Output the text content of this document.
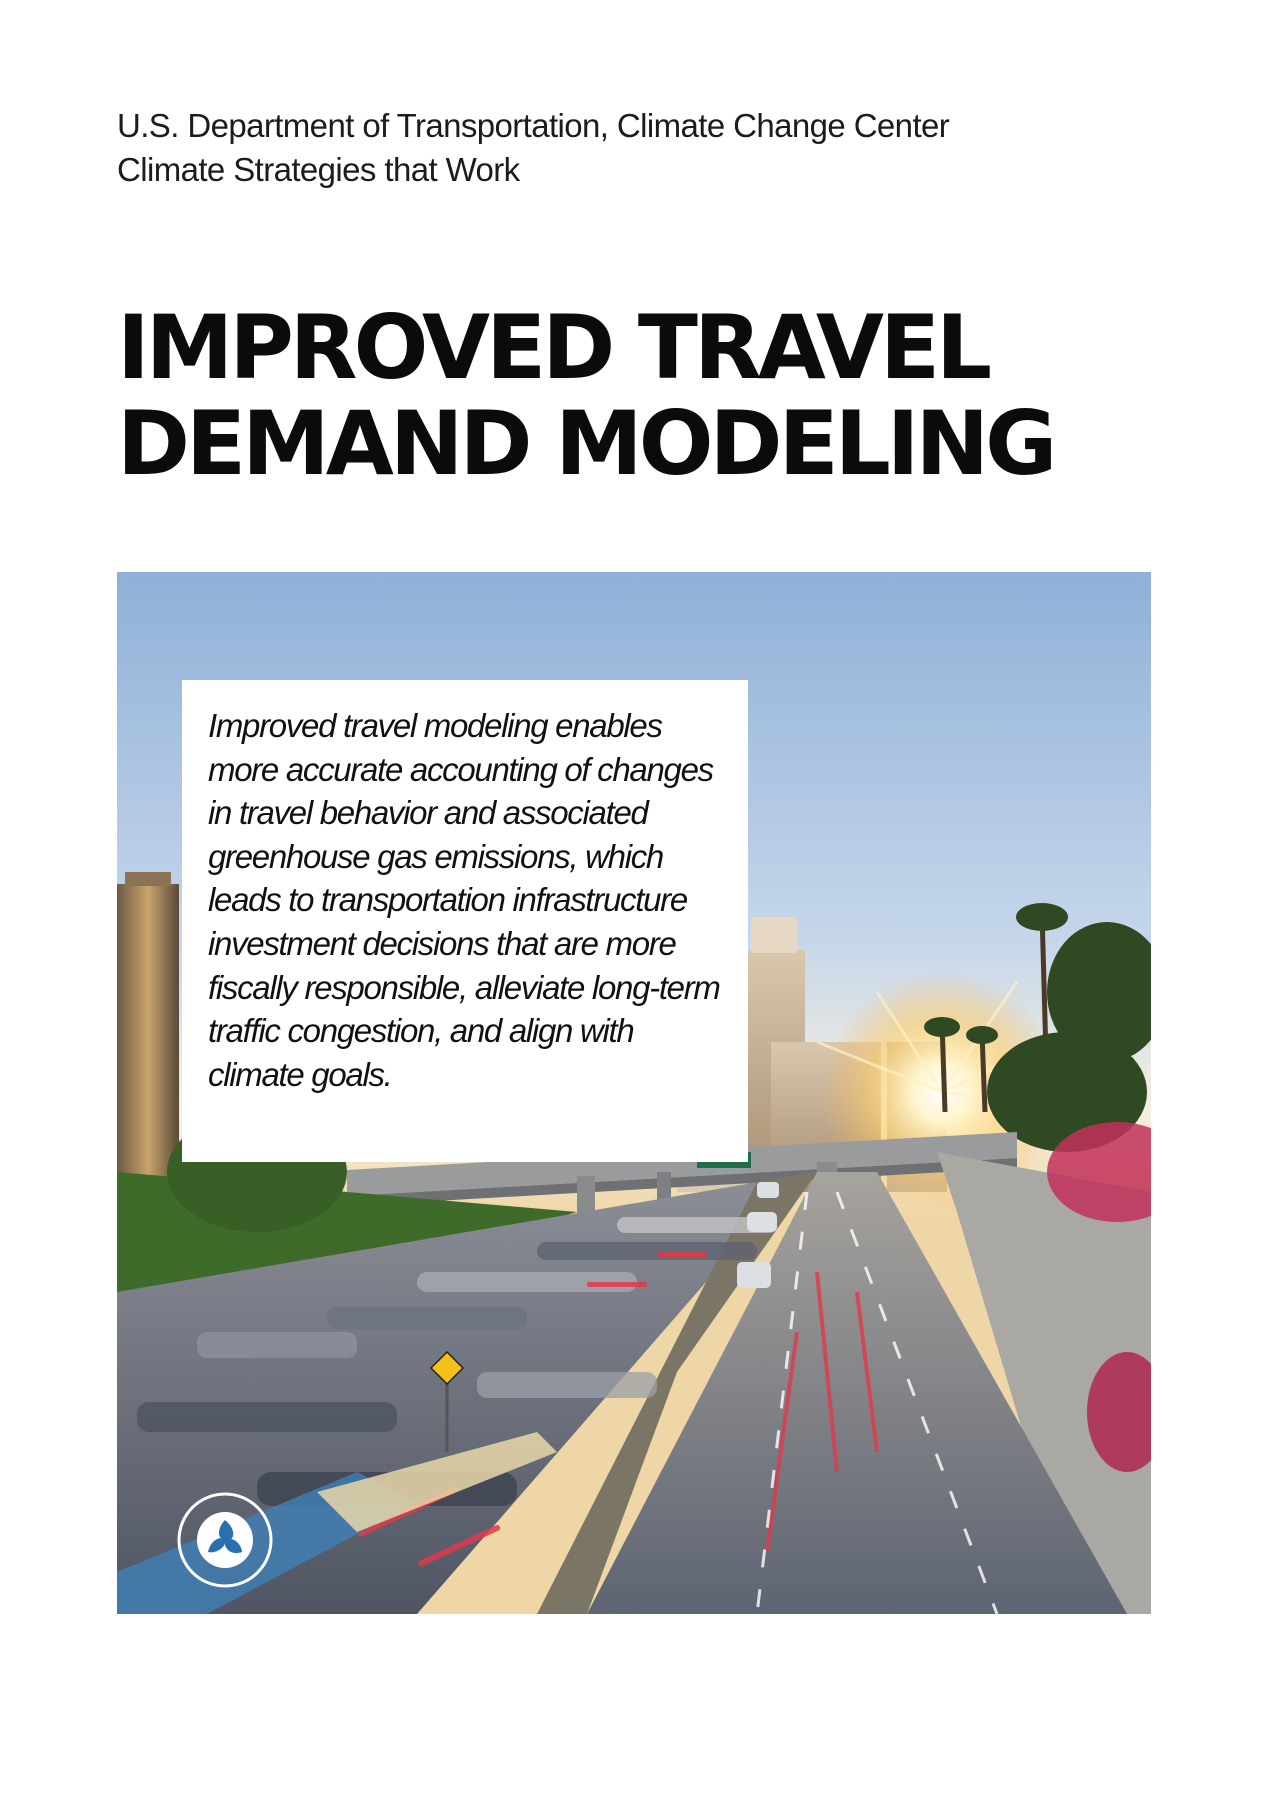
U.S. Department of Transportation, Climate Change Center
Climate Strategies that Work
IMPROVED TRAVEL
DEMAND MODELING

Improved travel modeling enables more accurate accounting of changes in travel behavior and associated greenhouse gas emissions, which leads to transportation infrastructure investment decisions that are more fiscally responsible, alleviate long-term traffic congestion, and align with climate goals.
